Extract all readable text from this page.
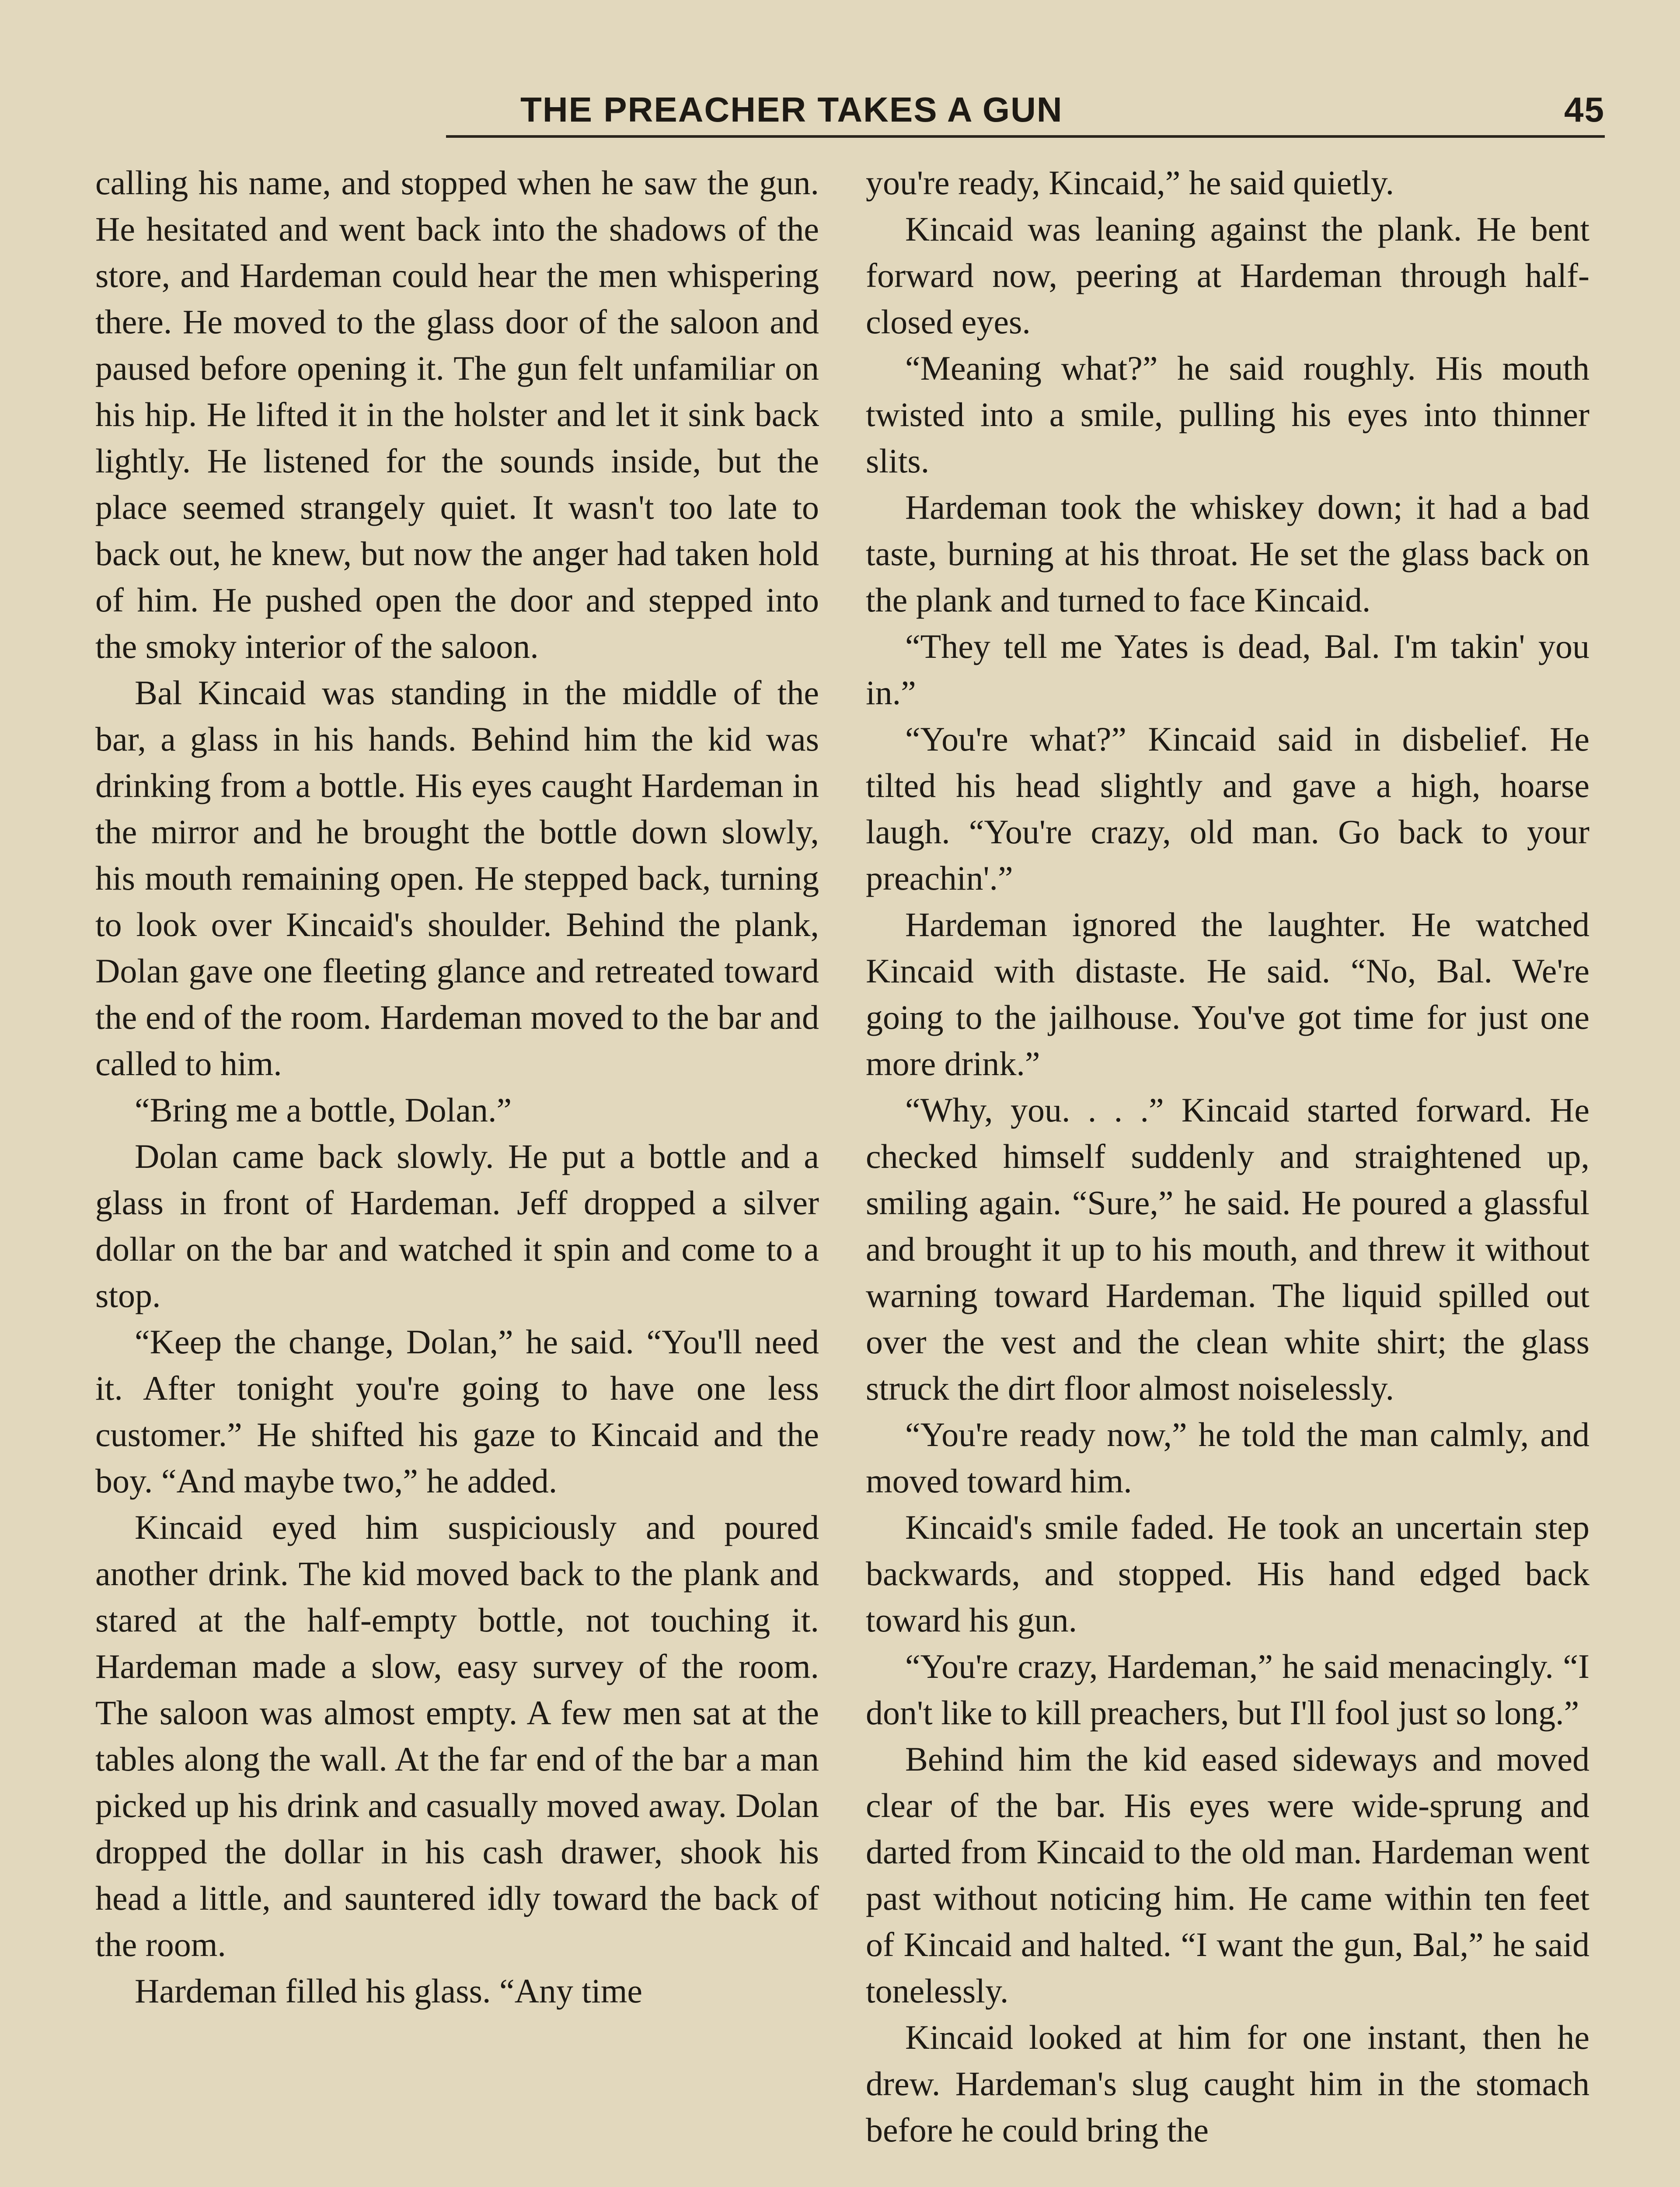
THE PREACHER TAKES A GUN	45

calling his name, and stopped when he saw the gun. He hesitated and went back into the shadows of the store, and Hardeman could hear the men whispering there. He moved to the glass door of the saloon and paused before opening it. The gun felt unfamiliar on his hip. He lifted it in the holster and let it sink back lightly. He listened for the sounds inside, but the place seemed strangely quiet. It wasn't too late to back out, he knew, but now the anger had taken hold of him. He pushed open the door and stepped into the smoky interior of the saloon.

Bal Kincaid was standing in the middle of the bar, a glass in his hands. Behind him the kid was drinking from a bottle. His eyes caught Hardeman in the mirror and he brought the bottle down slowly, his mouth remaining open. He stepped back, turning to look over Kincaid's shoulder. Behind the plank, Dolan gave one fleeting glance and retreated toward the end of the room. Hardeman moved to the bar and called to him.

“Bring me a bottle, Dolan.”

Dolan came back slowly. He put a bottle and a glass in front of Hardeman. Jeff dropped a silver dollar on the bar and watched it spin and come to a stop.

“Keep the change, Dolan,” he said. “You'll need it. After tonight you're going to have one less customer.” He shifted his gaze to Kincaid and the boy. “And maybe two,” he added.

Kincaid eyed him suspiciously and poured another drink. The kid moved back to the plank and stared at the half-empty bottle, not touching it. Hardeman made a slow, easy survey of the room. The saloon was almost empty. A few men sat at the tables along the wall. At the far end of the bar a man picked up his drink and casually moved away. Dolan dropped the dollar in his cash drawer, shook his head a little, and sauntered idly toward the back of the room.

Hardeman filled his glass. “Any time

you're ready, Kincaid,” he said quietly.

Kincaid was leaning against the plank. He bent forward now, peering at Hardeman through half-closed eyes.

“Meaning what?” he said roughly. His mouth twisted into a smile, pulling his eyes into thinner slits.

Hardeman took the whiskey down; it had a bad taste, burning at his throat. He set the glass back on the plank and turned to face Kincaid.

“They tell me Yates is dead, Bal. I'm takin' you in.”

“You're what?” Kincaid said in disbelief. He tilted his head slightly and gave a high, hoarse laugh. “You're crazy, old man. Go back to your preachin'.”

Hardeman ignored the laughter. He watched Kincaid with distaste. He said. “No, Bal. We're going to the jailhouse. You've got time for just one more drink.”

“Why, you. . . .” Kincaid started forward. He checked himself suddenly and straightened up, smiling again. “Sure,” he said. He poured a glassful and brought it up to his mouth, and threw it without warning toward Hardeman. The liquid spilled out over the vest and the clean white shirt; the glass struck the dirt floor almost noiselessly.

“You're ready now,” he told the man calmly, and moved toward him.

Kincaid's smile faded. He took an uncertain step backwards, and stopped. His hand edged back toward his gun.

“You're crazy, Hardeman,” he said menacingly. “I don't like to kill preachers, but I'll fool just so long.”

Behind him the kid eased sideways and moved clear of the bar. His eyes were wide-sprung and darted from Kincaid to the old man. Hardeman went past without noticing him. He came within ten feet of Kincaid and halted. “I want the gun, Bal,” he said tonelessly.

Kincaid looked at him for one instant, then he drew. Hardeman's slug caught him in the stomach before he could bring the
